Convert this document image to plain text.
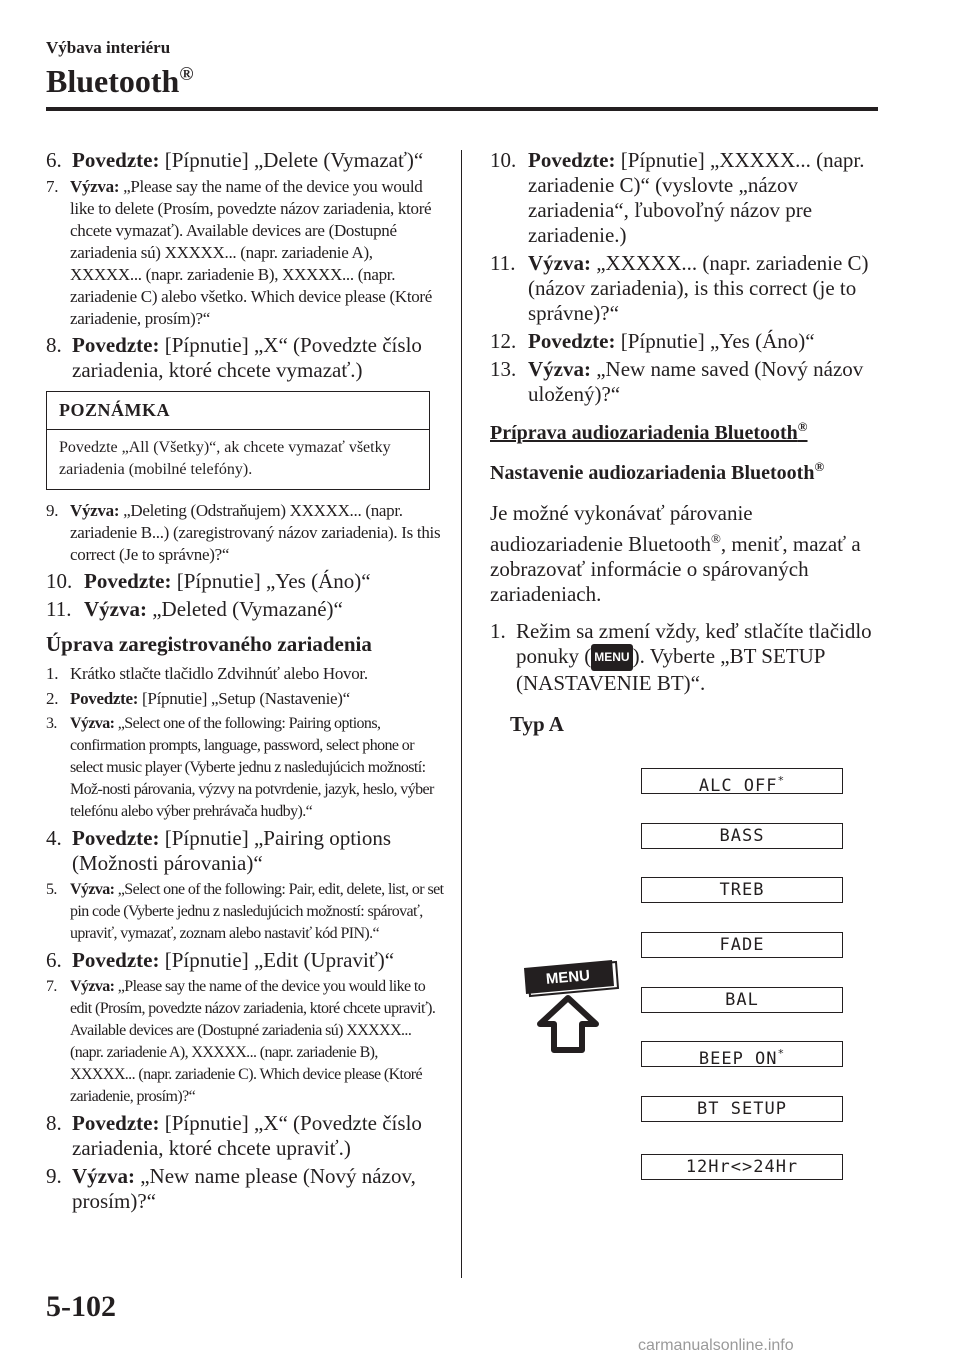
Výbava interiéru
Bluetooth®
6. Povedzte: [Pípnutie] „Delete (Vymazať)“
7. Výzva: „Please say the name of the device you would like to delete (Prosím, povedzte názov zariadenia, ktoré chcete vymazať). Available devices are (Dostupné zariadenia sú) XXXXX... (napr. zariadenie A), XXXXX... (napr. zariadenie B), XXXXX... (napr. zariadenie C) alebo všetko. Which device please (Ktoré zariadenie, prosím)?“
8. Povedzte: [Pípnutie] „X“ (Povedzte číslo zariadenia, ktoré chcete vymazať.)
POZNÁMKA
Povedzte „All (Všetky)“, ak chcete vymazať všetky zariadenia (mobilné telefóny).
9. Výzva: „Deleting (Odstraňujem) XXXXX... (napr. zariadenie B...) (zaregistrovaný názov zariadenia). Is this correct (Je to správne)?“
10. Povedzte: [Pípnutie] „Yes (Áno)“
11. Výzva: „Deleted (Vymazané)“
Úprava zaregistrovaného zariadenia
1. Krátko stlačte tlačidlo Zdvihnúť alebo Hovor.
2. Povedzte: [Pípnutie] „Setup (Nastavenie)“
3. Výzva: „Select one of the following: Pairing options, confirmation prompts, language, password, select phone or select music player (Vyberte jednu z nasledujúcich možností: Mož-nosti párovania, výzvy na potvrdenie, jazyk, heslo, výber telefónu alebo výber prehrávača hudby).“
4. Povedzte: [Pípnutie] „Pairing options (Možnosti párovania)“
5. Výzva: „Select one of the following: Pair, edit, delete, list, or set pin code (Vyberte jednu z nasledujúcich možností: spárovať, upraviť, vymazať, zoznam alebo nastaviť kód PIN).“
6. Povedzte: [Pípnutie] „Edit (Upraviť)“
7. Výzva: „Please say the name of the device you would like to edit (Prosím, povedzte názov zariadenia, ktoré chcete upraviť). Available devices are (Dostupné zariadenia sú) XXXXX... (napr. zariadenie A), XXXXX... (napr. zariadenie B), XXXXX... (napr. zariadenie C). Which device please (Ktoré zariadenie, prosím)?“
8. Povedzte: [Pípnutie] „X“ (Povedzte číslo zariadenia, ktoré chcete upraviť.)
9. Výzva: „New name please (Nový názov, prosím)?“
10. Povedzte: [Pípnutie] „XXXXX... (napr. zariadenie C)“ (vyslovte „názov zariadenia“, ľubovoľný názov pre zariadenie.)
11. Výzva: „XXXXX... (napr. zariadenie C) (názov zariadenia), is this correct (je to správne)?“
12. Povedzte: [Pípnutie] „Yes (Áno)“
13. Výzva: „New name saved (Nový názov uložený)?“
Príprava audiozariadenia Bluetooth®
Nastavenie audiozariadenia Bluetooth®
Je možné vykonávať párovanie audiozariadenie Bluetooth®, meniť, mazať a zobrazovať informácie o spárovaných zariadeniach.
1. Režim sa zmení vždy, keď stlačíte tlačidlo ponuky ( MENU ). Vyberte „BT SETUP (NASTAVENIE BT)“.
Typ A
ALC OFF*
BASS
TREB
FADE
BAL
BEEP ON*
BT SETUP
12Hr<>24Hr
MENU
5-102
carmanualsonline.info
